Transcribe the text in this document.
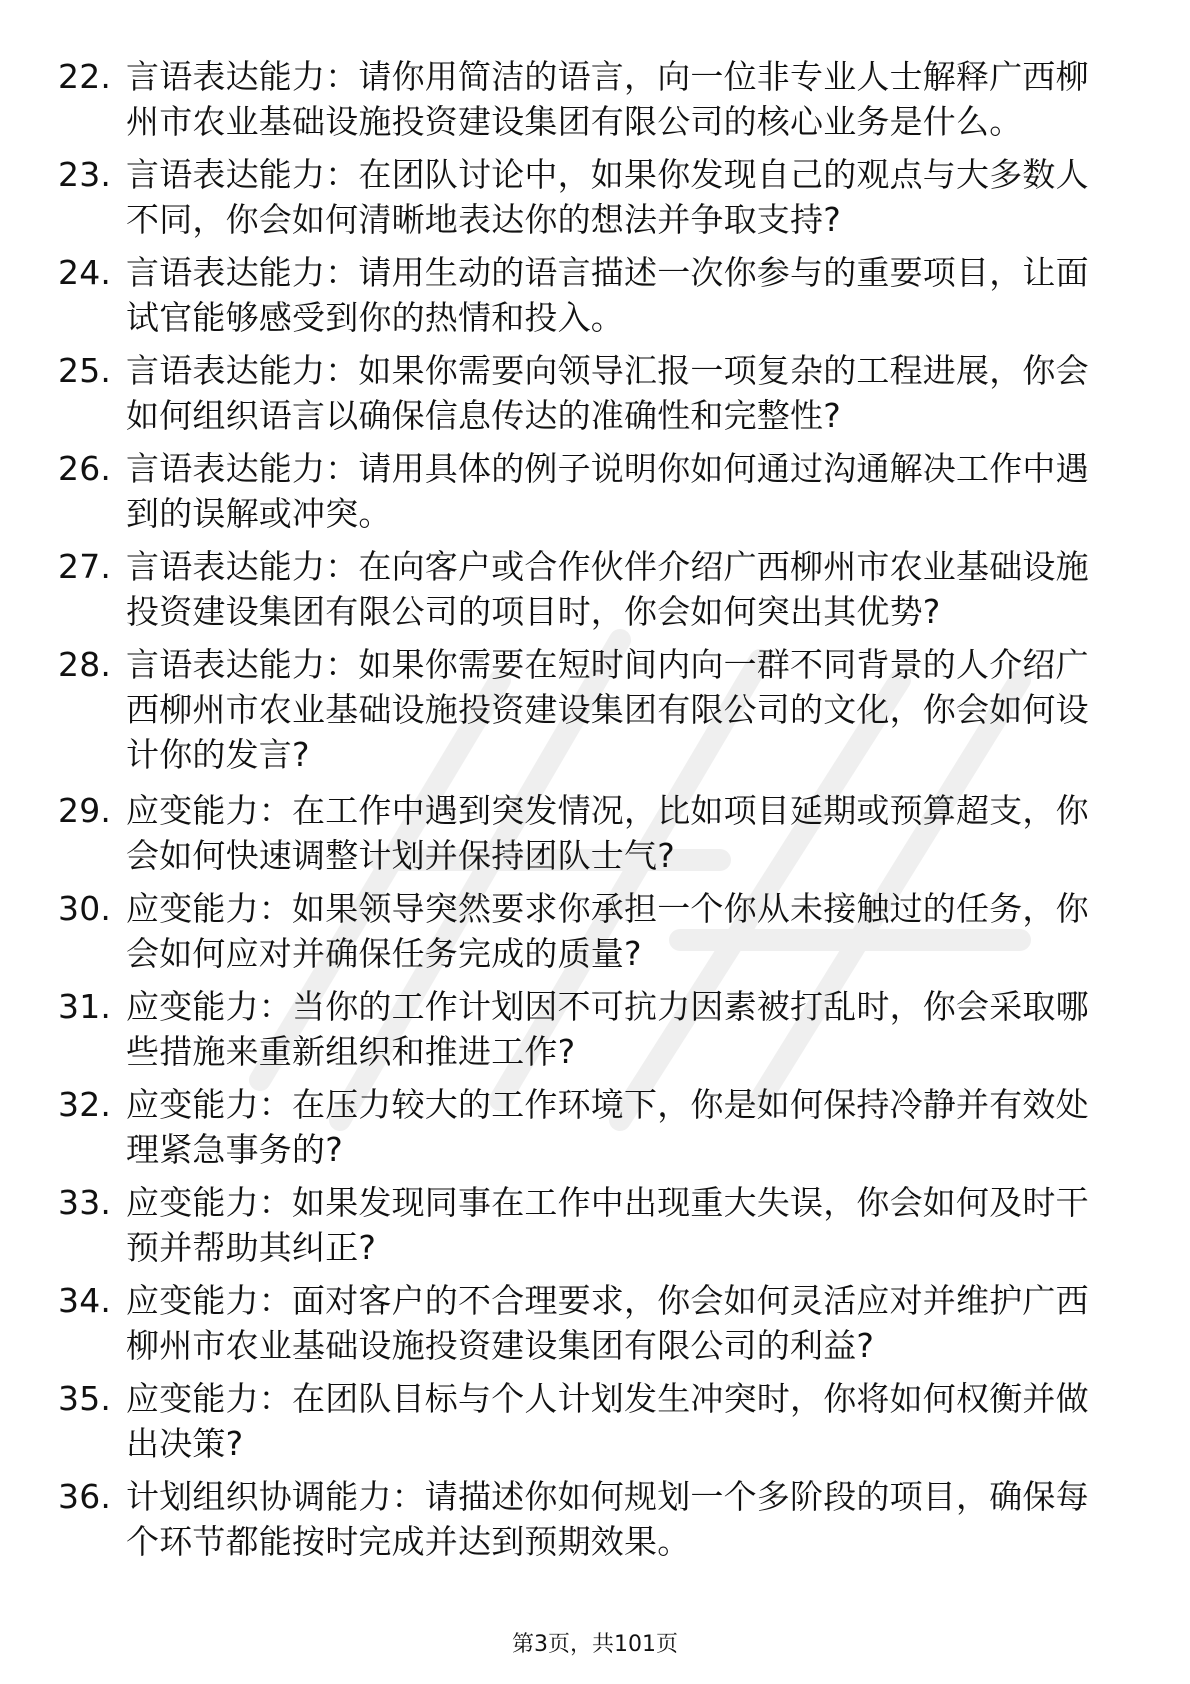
22. 言语表达能力：请你用简洁的语言，向一位非专业人士解释广西柳州市农业基础设施投资建设集团有限公司的核心业务是什么。
23. 言语表达能力：在团队讨论中，如果你发现自己的观点与大多数人不同，你会如何清晰地表达你的想法并争取支持?
24. 言语表达能力：请用生动的语言描述一次你参与的重要项目，让面试官能够感受到你的热情和投入。
25. 言语表达能力：如果你需要向领导汇报一项复杂的工程进展，你会如何组织语言以确保信息传达的准确性和完整性?
26. 言语表达能力：请用具体的例子说明你如何通过沟通解决工作中遇到的误解或冲突。
27. 言语表达能力：在向客户或合作伙伴介绍广西柳州市农业基础设施投资建设集团有限公司的项目时，你会如何突出其优势?
28. 言语表达能力：如果你需要在短时间内向一群不同背景的人介绍广西柳州市农业基础设施投资建设集团有限公司的文化，你会如何设计你的发言?
29. 应变能力：在工作中遇到突发情况，比如项目延期或预算超支，你会如何快速调整计划并保持团队士气?
30. 应变能力：如果领导突然要求你承担一个你从未接触过的任务，你会如何应对并确保任务完成的质量?
31. 应变能力：当你的工作计划因不可抗力因素被打乱时，你会采取哪些措施来重新组织和推进工作?
32. 应变能力：在压力较大的工作环境下，你是如何保持冷静并有效处理紧急事务的?
33. 应变能力：如果发现同事在工作中出现重大失误，你会如何及时干预并帮助其纠正?
34. 应变能力：面对客户的不合理要求，你会如何灵活应对并维护广西柳州市农业基础设施投资建设集团有限公司的利益?
35. 应变能力：在团队目标与个人计划发生冲突时，你将如何权衡并做出决策?
36. 计划组织协调能力：请描述你如何规划一个多阶段的项目，确保每个环节都能按时完成并达到预期效果。
第3页，共101页
